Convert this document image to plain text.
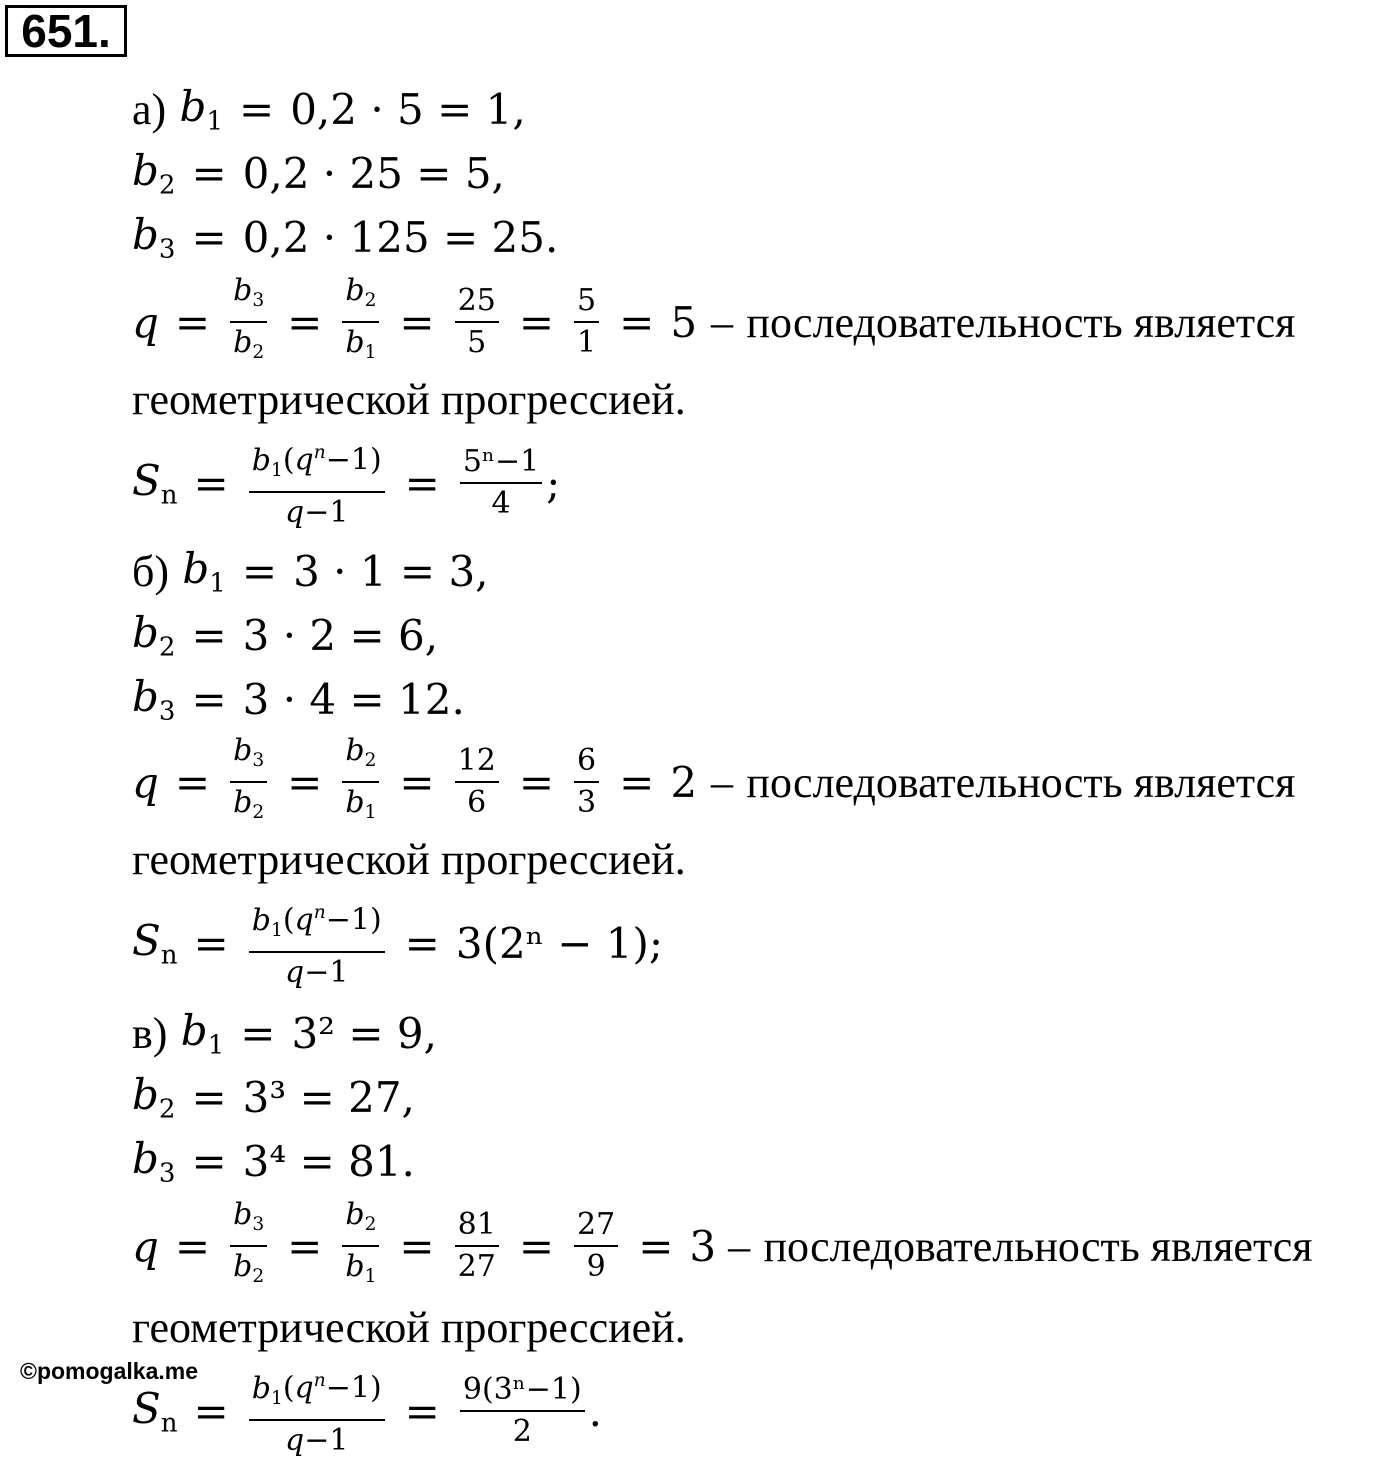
651.
а)
$b_1 = 0,2 \cdot 5 = 1$,
$b_2 = 0,2 \cdot 25 = 5$,
$b_3 = 0,2 \cdot 125 = 25$.
$q = \frac{b_3}{b_2} = \frac{b_2}{b_1} = \frac{25}{5} = \frac{5}{1} = 5$ –
последовательность является
геометрической прогрессией.
$S_n = \frac{b_1(q^n-1)}{q-1} = \frac{\text{5ⁿ−1}}{4}$ ;
б)
$b_1 = 3 \cdot 1 = 3$,
$b_2 = 3 \cdot 2 = 6$,
$b_3 = 3 \cdot 4 = 12$.
$q = \frac{b_3}{b_2} = \frac{b_2}{b_1} = \frac{12}{6} = \frac{6}{3} = 2$ –
последовательность является
геометрической прогрессией.
$S_n = \frac{b_1(q^n-1)}{q-1} = 3(2^n - 1)$;
в)
$b_1 = 3^2 = 9$,
$b_2 = 3^3 = 27$,
$b_3 = 3^4 = 81$.
$q = \frac{b_3}{b_2} = \frac{b_2}{b_1} = \frac{81}{27} = \frac{27}{9} = 3$ –
последовательность является
геометрической прогрессией.
$S_n = \frac{b_1(q^n-1)}{q-1} = \frac{\text{9(3ⁿ−1)}}{2}$ .
©pomogalka.me
